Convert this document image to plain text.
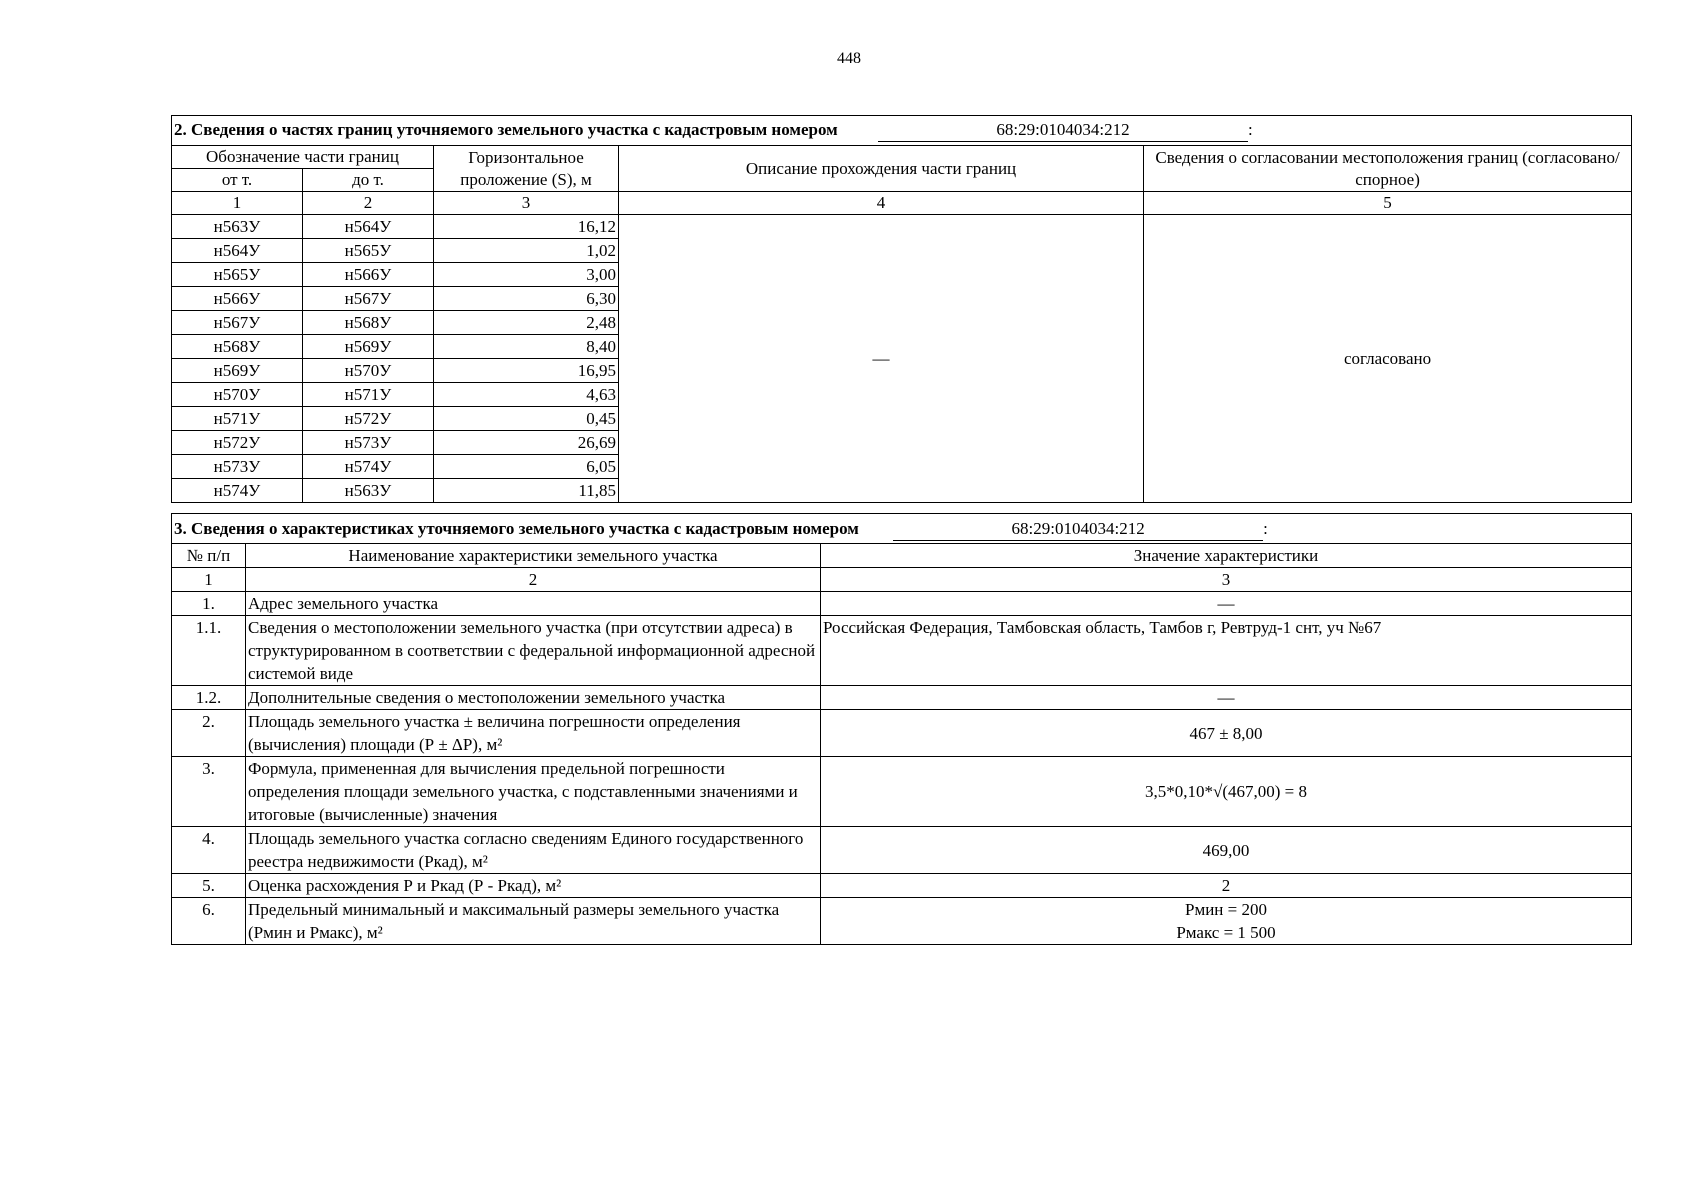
448
2. Сведения о частях границ уточняемого земельного участка с кадастровым номером 68:29:0104034:212 :				
Обозначение части границ		Горизонтальное проложение (S), м	Описание прохождения части границ	Сведения о согласовании местоположения границ (согласовано/спорное)
от т.	до т.			
1	2	3	4	5
н563У	н564У	16,12	—	согласовано
н564У	н565У	1,02		
н565У	н566У	3,00		
н566У	н567У	6,30		
н567У	н568У	2,48		
н568У	н569У	8,40		
н569У	н570У	16,95		
н570У	н571У	4,63		
н571У	н572У	0,45		
н572У	н573У	26,69		
н573У	н574У	6,05		
н574У	н563У	11,85		
3. Сведения о характеристиках уточняемого земельного участка с кадастровым номером 68:29:0104034:212 :		
№ п/п	Наименование характеристики земельного участка	Значение характеристики
1	2	3
1.	Адрес земельного участка	—
1.1.	Сведения о местоположении земельного участка (при отсутствии адреса) в структурированном в соответствии с федеральной информационной адресной системой виде	Российская Федерация, Тамбовская область, Тамбов г, Ревтруд-1 снт, уч №67
1.2.	Дополнительные сведения о местоположении земельного участка	—
2.	Площадь земельного участка ± величина погрешности определения (вычисления) площади (Р ± ΔР), м²	467 ± 8,00
3.	Формула, примененная для вычисления предельной погрешности определения площади земельного участка, с подставленными значениями и итоговые (вычисленные) значения	3,5*0,10*√(467,00) = 8
4.	Площадь земельного участка согласно сведениям Единого государственного реестра недвижимости (Ркад), м²	469,00
5.	Оценка расхождения Р и Ркад (Р - Ркад), м²	2
6.	Предельный минимальный и максимальный размеры земельного участка (Рмин и Рмакс), м²	Рмин = 200
Рмакс = 1 500
